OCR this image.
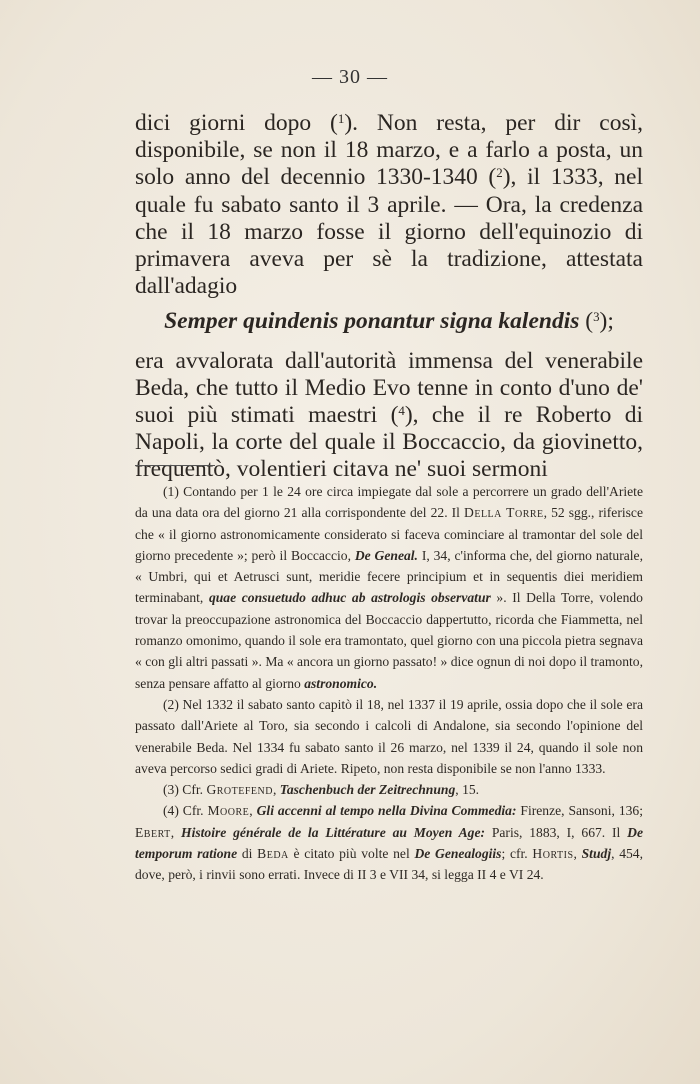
— 30 —

dici giorni dopo ($^1$). Non resta, per dir così, disponibile, se non il 18 marzo, e a farlo a posta, un solo anno del decennio 1330-1340 ($^2$), il 1333, nel quale fu sabato santo il 3 aprile. — Ora, la credenza che il 18 marzo fosse il giorno dell'equinozio di primavera aveva per sè la tradizione, attestata dall'adagio

Semper quindenis ponantur signa kalendis ($^3$);

era avvalorata dall'autorità immensa del venerabile Beda, che tutto il Medio Evo tenne in conto d'uno de' suoi più stimati maestri ($^4$), che il re Roberto di Napoli, la corte del quale il Boccaccio, da giovinetto, frequentò, volentieri citava ne' suoi sermoni

(1) Contando per 1 le 24 ore circa impiegate dal sole a percorrere un grado dell'Ariete da una data ora del giorno 21 alla corrispondente del 22. Il Della Torre, 52 sgg., riferisce che « il giorno astronomicamente considerato si faceva cominciare al tramontar del sole del giorno precedente »; però il Boccaccio, De Geneal. I, 34, c'informa che, del giorno naturale, « Umbri, qui et Aetrusci sunt, meridie fecere principium et in sequentis diei meridiem terminabant, quae consuetudo adhuc ab astrologis observatur ». Il Della Torre, volendo trovar la preoccupazione astronomica del Boccaccio dappertutto, ricorda che Fiammetta, nel romanzo omonimo, quando il sole era tramontato, quel giorno con una piccola pietra segnava « con gli altri passati ». Ma « ancora un giorno passato! » dice ognun di noi dopo il tramonto, senza pensare affatto al giorno astronomico.

(2) Nel 1332 il sabato santo capitò il 18, nel 1337 il 19 aprile, ossia dopo che il sole era passato dall'Ariete al Toro, sia secondo i calcoli di Andalone, sia secondo l'opinione del venerabile Beda. Nel 1334 fu sabato santo il 26 marzo, nel 1339 il 24, quando il sole non aveva percorso sedici gradi di Ariete. Ripeto, non resta disponibile se non l'anno 1333.

(3) Cfr. Grotefend, Taschenbuch der Zeitrechnung, 15.

(4) Cfr. Moore, Gli accenni al tempo nella Divina Commedia: Firenze, Sansoni, 136; Ebert, Histoire générale de la Littérature au Moyen Age: Paris, 1883, I, 667. Il De temporum ratione di Beda è citato più volte nel De Genealogiis; cfr. Hortis, Studj, 454, dove, però, i rinvii sono errati. Invece di II 3 e VII 34, si legga II 4 e VI 24.
